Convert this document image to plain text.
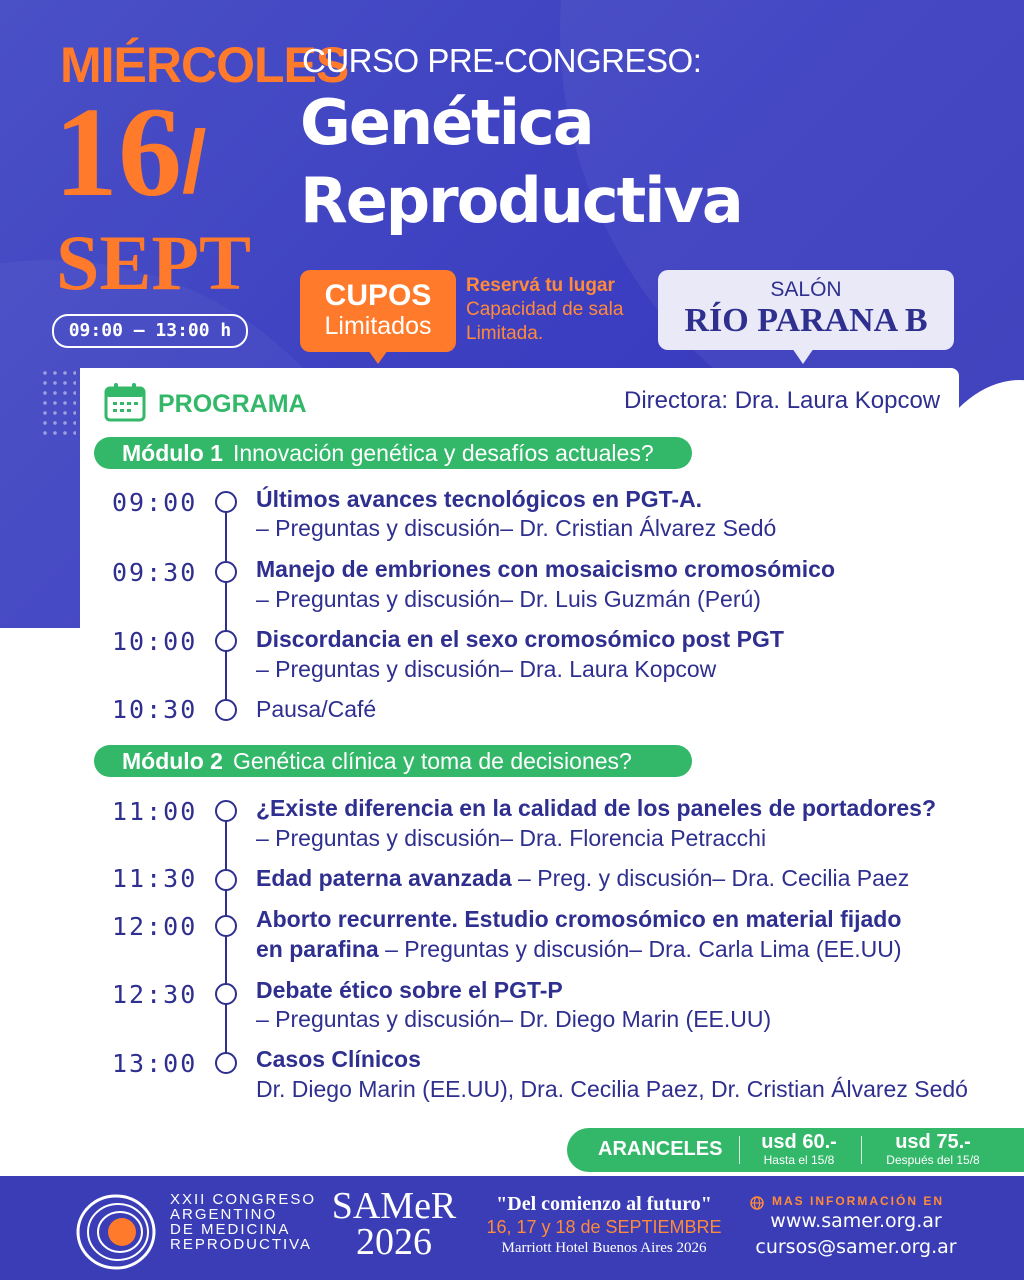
MIÉRCOLES
16 /
SEPT
09:00 — 13:00 h
CURSO PRE-CONGRESO:
Genética
Reproductiva
CUPOS
Limitados
Reservá tu lugar
Capacidad de sala
Limitada.
SALÓN
RÍO PARANA B
PROGRAMA	Directora: Dra. Laura Kopcow
Módulo 1 Innovación genética y desafíos actuales?
Módulo 2 Genética clínica y toma de decisiones?
09:00	Últimos avances tecnológicos en PGT-A.
– Preguntas y discusión– Dr. Cristian Álvarez Sedó
09:30	Manejo de embriones con mosaicismo cromosómico
– Preguntas y discusión– Dr. Luis Guzmán (Perú)
10:00	Discordancia en el sexo cromosómico post PGT
– Preguntas y discusión– Dra. Laura Kopcow
10:30	Pausa/Café
11:00	¿Existe diferencia en la calidad de los paneles de portadores?
– Preguntas y discusión– Dra. Florencia Petracchi
11:30	Edad paterna avanzada – Preg. y discusión– Dra. Cecilia Paez
12:00	Aborto recurrente. Estudio cromosómico en material fijado
en parafina – Preguntas y discusión– Dra. Carla Lima (EE.UU)
12:30	Debate ético sobre el PGT-P
– Preguntas y discusión– Dr. Diego Marin (EE.UU)
13:00	Casos Clínicos
Dr. Diego Marin (EE.UU), Dra. Cecilia Paez, Dr. Cristian Álvarez Sedó
ARANCELES	usd 60.-
Hasta el 15/8
usd 75.-
Después del 15/8
XXII CONGRESO
ARGENTINO
DE MEDICINA
REPRODUCTIVA
SAMeR
2026
"Del comienzo al futuro"
16, 17 y 18 de SEPTIEMBRE
Marriott Hotel Buenos Aires 2026
MAS INFORMACIÓN EN
www.samer.org.ar
cursos@samer.org.ar
